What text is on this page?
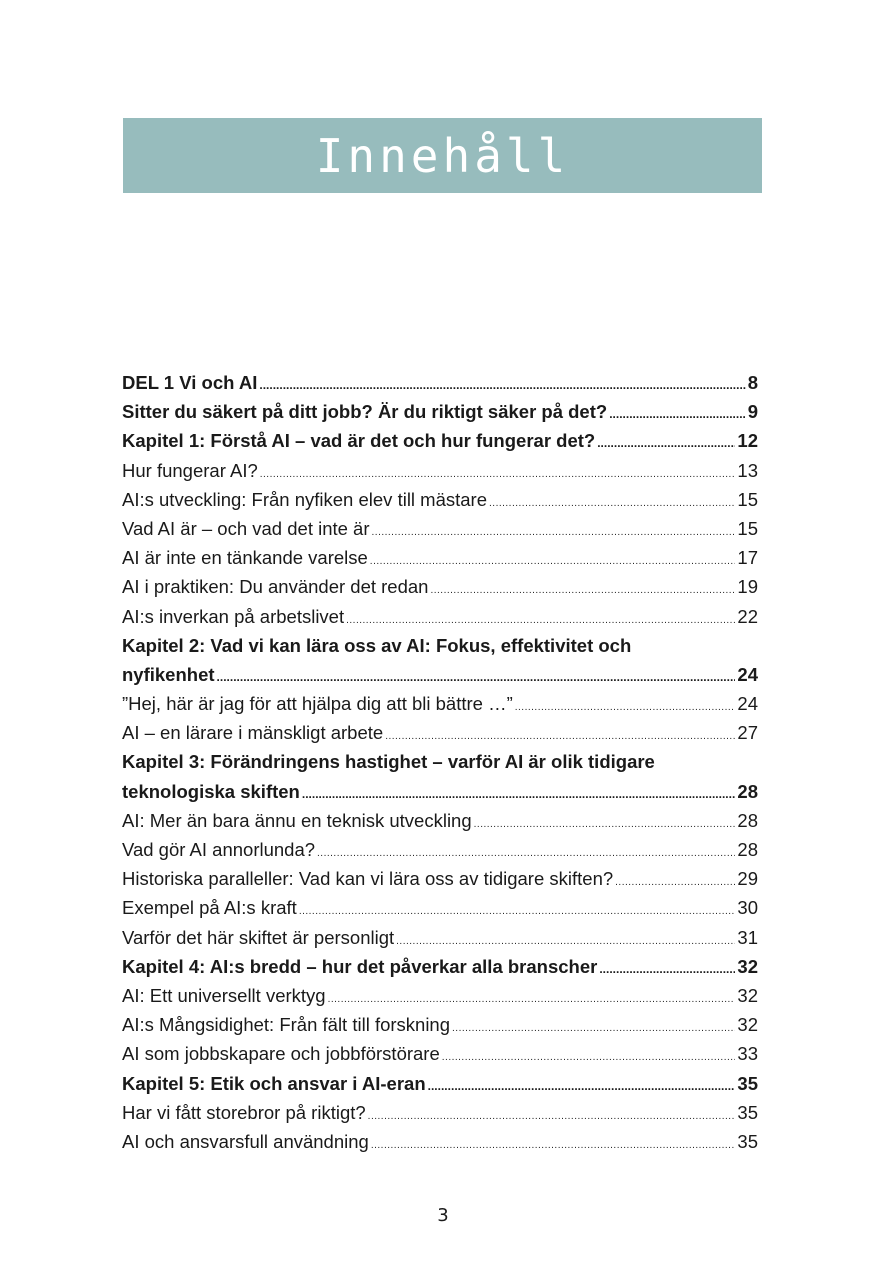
Innehåll
DEL 1 Vi och AI .....	8
Sitter du säkert på ditt jobb? Är du riktigt säker på det? .....	9
Kapitel 1: Förstå AI – vad är det och hur fungerar det? .....	12
Hur fungerar AI? .....	13
AI:s utveckling: Från nyfiken elev till mästare .....	15
Vad AI är – och vad det inte är .....	15
AI är inte en tänkande varelse .....	17
AI i praktiken: Du använder det redan .....	19
AI:s inverkan på arbetslivet .....	22
Kapitel 2: Vad vi kan lära oss av AI: Fokus, effektivitet och
nyfikenhet .....	24
”Hej, här är jag för att hjälpa dig att bli bättre …” .....	24
AI – en lärare i mänskligt arbete .....	27
Kapitel 3: Förändringens hastighet – varför AI är olik tidigare
teknologiska skiften .....	28
AI: Mer än bara ännu en teknisk utveckling .....	28
Vad gör AI annorlunda? .....	28
Historiska paralleller: Vad kan vi lära oss av tidigare skiften? .....	29
Exempel på AI:s kraft .....	30
Varför det här skiftet är personligt .....	31
Kapitel 4: AI:s bredd – hur det påverkar alla branscher .....	32
AI: Ett universellt verktyg .....	32
AI:s Mångsidighet: Från fält till forskning .....	32
AI som jobbskapare och jobbförstörare .....	33
Kapitel 5: Etik och ansvar i AI-eran .....	35
Har vi fått storebror på riktigt? .....	35
AI och ansvarsfull användning .....	35
3
